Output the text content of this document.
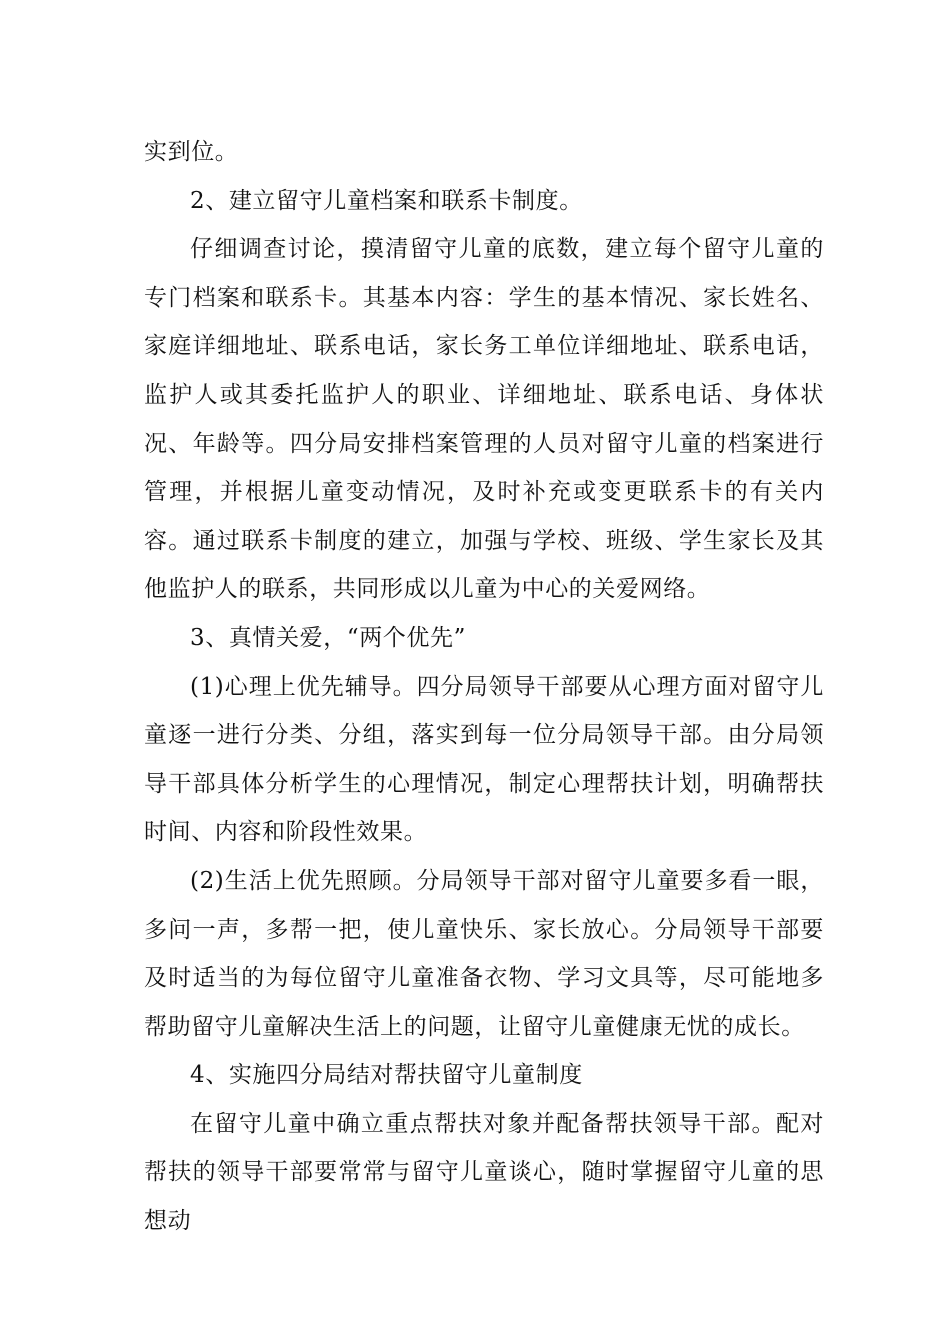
实到位。

2、建立留守儿童档案和联系卡制度。

仔细调查讨论，摸清留守儿童的底数，建立每个留守儿童的专门档案和联系卡。其基本内容：学生的基本情况、家长姓名、家庭详细地址、联系电话，家长务工单位详细地址、联系电话，监护人或其委托监护人的职业、详细地址、联系电话、身体状况、年龄等。四分局安排档案管理的人员对留守儿童的档案进行管理，并根据儿童变动情况，及时补充或变更联系卡的有关内容。通过联系卡制度的建立，加强与学校、班级、学生家长及其他监护人的联系，共同形成以儿童为中心的关爱网络。

3、真情关爱，“两个优先”

(1)心理上优先辅导。四分局领导干部要从心理方面对留守儿童逐一进行分类、分组，落实到每一位分局领导干部。由分局领导干部具体分析学生的心理情况，制定心理帮扶计划，明确帮扶时间、内容和阶段性效果。

(2)生活上优先照顾。分局领导干部对留守儿童要多看一眼，多问一声，多帮一把，使儿童快乐、家长放心。分局领导干部要及时适当的为每位留守儿童准备衣物、学习文具等，尽可能地多帮助留守儿童解决生活上的问题，让留守儿童健康无忧的成长。

4、实施四分局结对帮扶留守儿童制度

在留守儿童中确立重点帮扶对象并配备帮扶领导干部。配对帮扶的领导干部要常常与留守儿童谈心，随时掌握留守儿童的思想动
